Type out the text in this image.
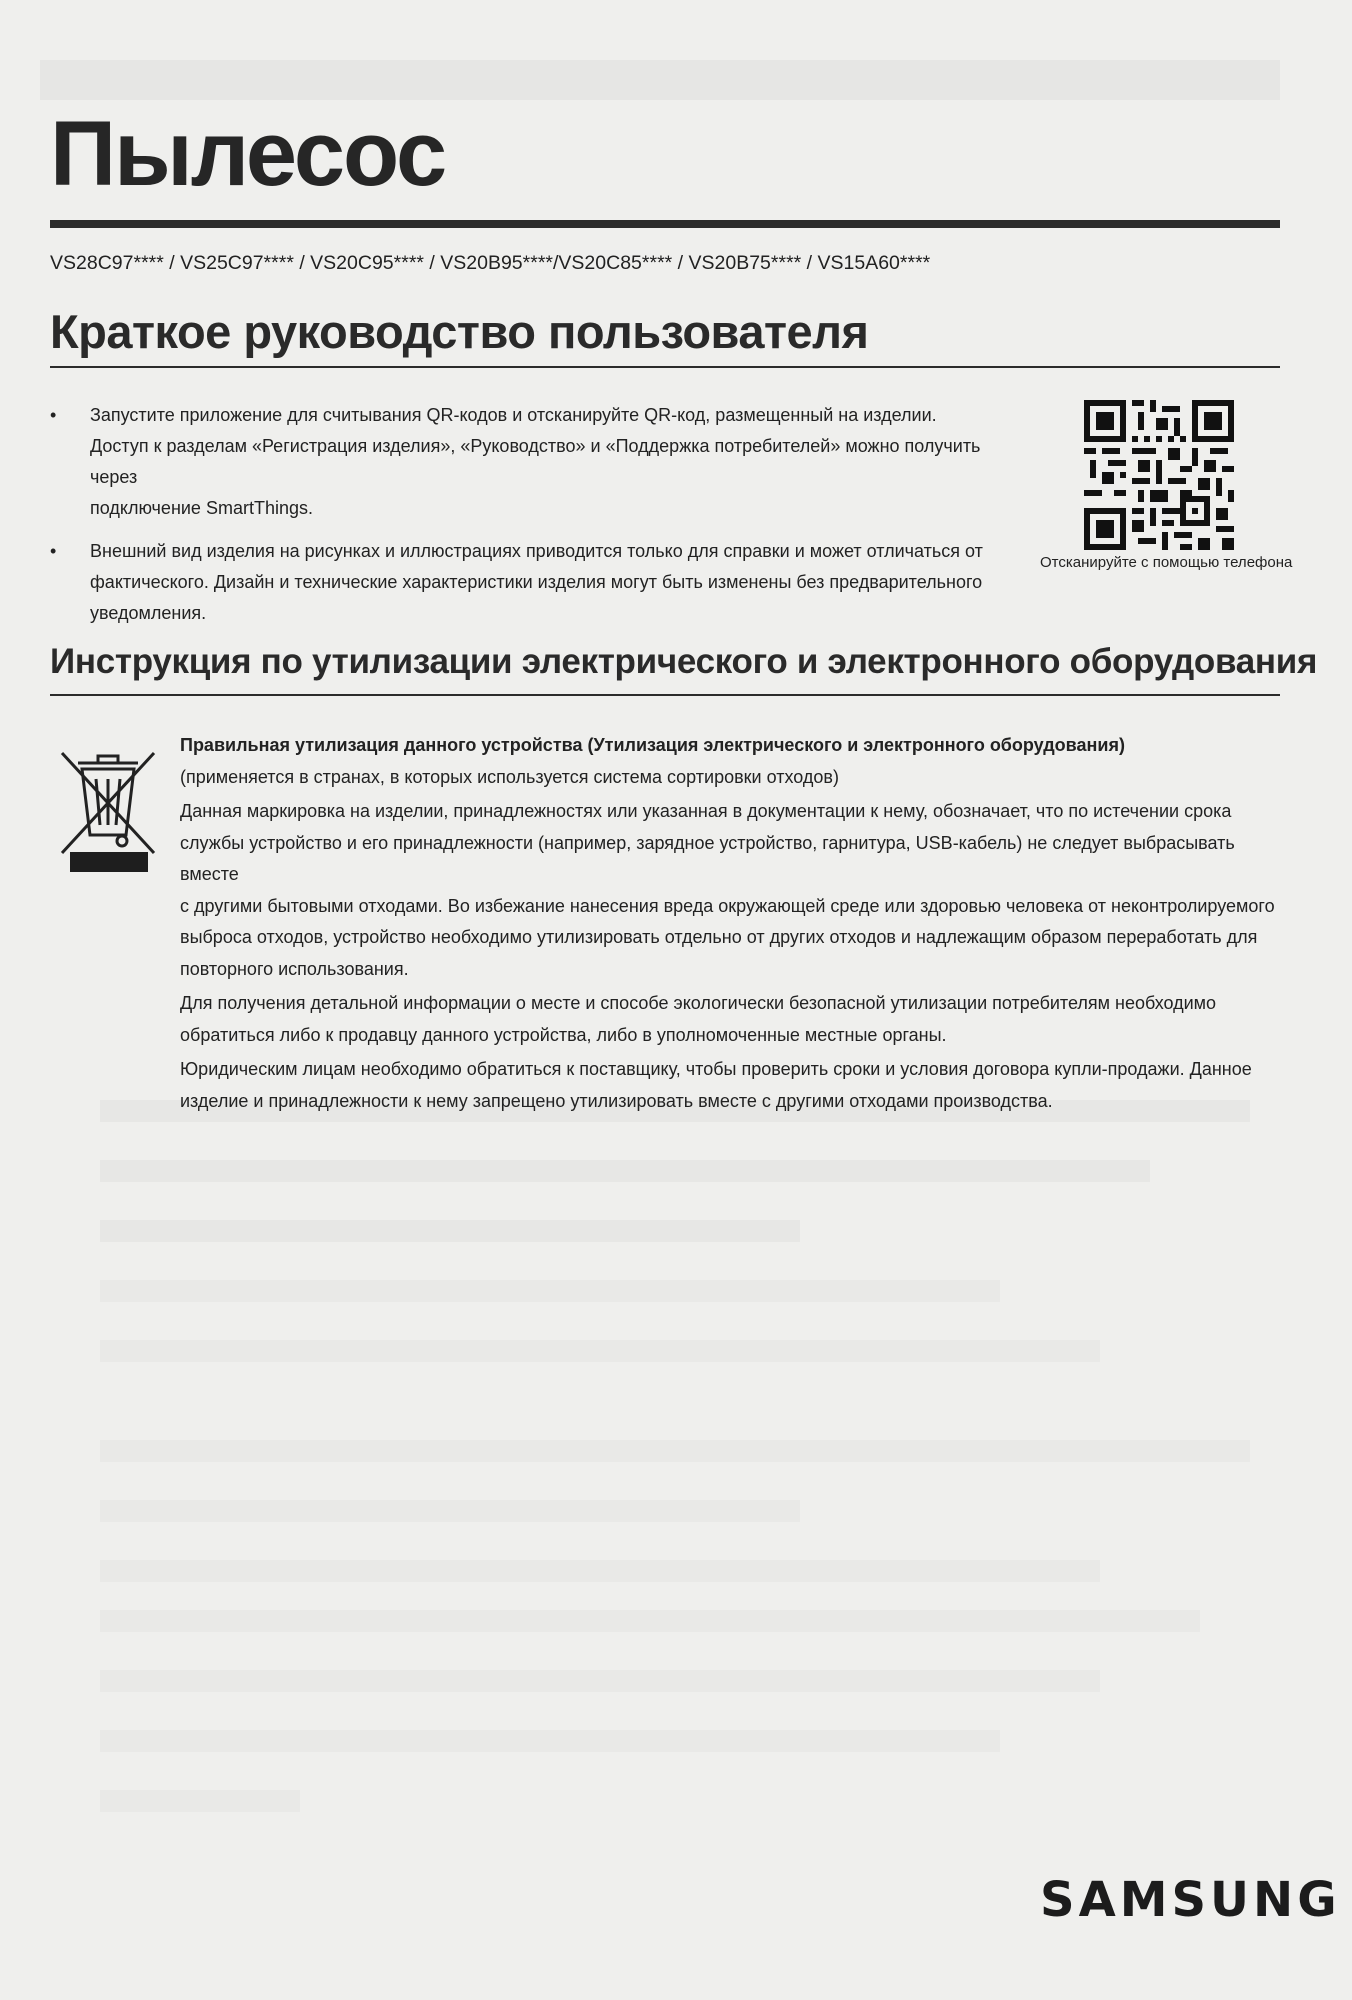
Пылесос
VS28C97**** / VS25C97**** / VS20C95**** / VS20B95****/VS20C85**** / VS20B75**** / VS15A60****
Краткое руководство пользователя
• Запустите приложение для считывания QR-кодов и отсканируйте QR-код, размещенный на изделии.
Доступ к разделам «Регистрация изделия», «Руководство» и «Поддержка потребителей» можно получить через
подключение SmartThings.
• Внешний вид изделия на рисунках и иллюстрациях приводится только для справки и может отличаться от
фактического. Дизайн и технические характеристики изделия могут быть изменены без предварительного
уведомления.
Отсканируйте с помощью телефона
Инструкция по утилизации электрического и электронного оборудования

Правильная утилизация данного устройства (Утилизация электрического и электронного оборудования)

(применяется в странах, в которых используется система сортировки отходов)

Данная маркировка на изделии, принадлежностях или указанная в документации к нему, обозначает, что по истечении срока

службы устройство и его принадлежности (например, зарядное устройство, гарнитура, USB-кабель) не следует выбрасывать вместе

с другими бытовыми отходами. Во избежание нанесения вреда окружающей среде или здоровью человека от неконтролируемого

выброса отходов, устройство необходимо утилизировать отдельно от других отходов и надлежащим образом переработать для

повторного использования.

Для получения детальной информации о месте и способе экологически безопасной утилизации потребителям необходимо

обратиться либо к продавцу данного устройства, либо в уполномоченные местные органы.

Юридическим лицам необходимо обратиться к поставщику, чтобы проверить сроки и условия договора купли-продажи. Данное

изделие и принадлежности к нему запрещено утилизировать вместе с другими отходами производства.

SAMSUNG
